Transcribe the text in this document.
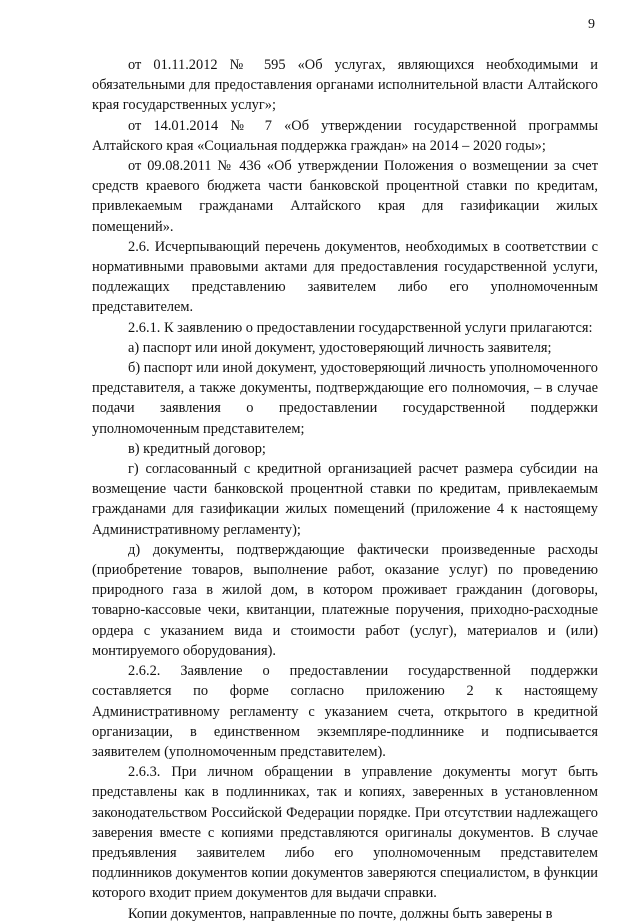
9

от 01.11.2012 № 595 «Об услугах, являющихся необходимыми и обязательными для предоставления органами исполнительной власти Алтайского края государственных услуг»;

от 14.01.2014 № 7 «Об утверждении государственной программы Алтайского края «Социальная поддержка граждан» на 2014 – 2020 годы»;

от 09.08.2011 № 436 «Об утверждении Положения о возмещении за счет средств краевого бюджета части банковской процентной ставки по кредитам, привлекаемым гражданами Алтайского края для газификации жилых помещений».

2.6. Исчерпывающий перечень документов, необходимых в соответствии с нормативными правовыми актами для предоставления государственной услуги, подлежащих представлению заявителем либо его уполномоченным представителем.

2.6.1. К заявлению о предоставлении государственной услуги прилагаются:

а) паспорт или иной документ, удостоверяющий личность заявителя;

б) паспорт или иной документ, удостоверяющий личность уполномоченного представителя, а также документы, подтверждающие его полномочия, – в случае подачи заявления о предоставлении государственной поддержки уполномоченным представителем;

в) кредитный договор;

г) согласованный с кредитной организацией расчет размера субсидии на возмещение части банковской процентной ставки по кредитам, привлекаемым гражданами для газификации жилых помещений (приложение 4 к настоящему Административному регламенту);

д) документы, подтверждающие фактически произведенные расходы (приобретение товаров, выполнение работ, оказание услуг) по проведению природного газа в жилой дом, в котором проживает гражданин (договоры, товарно-кассовые чеки, квитанции, платежные поручения, приходно-расходные ордера с указанием вида и стоимости работ (услуг), материалов и (или) монтируемого оборудования).

2.6.2. Заявление о предоставлении государственной поддержки составляется по форме согласно приложению 2 к настоящему Административному регламенту с указанием счета, открытого в кредитной организации, в единственном экземпляре-подлиннике и подписывается заявителем (уполномоченным представителем).

2.6.3. При личном обращении в управление документы могут быть представлены как в подлинниках, так и копиях, заверенных в установленном законодательством Российской Федерации порядке. При отсутствии надлежащего заверения вместе с копиями представляются оригиналы документов. В случае предъявления заявителем либо его уполномоченным представителем подлинников документов копии документов заверяются специалистом, в функции которого входит прием документов для выдачи справки.

Копии документов, направленные по почте, должны быть заверены в
